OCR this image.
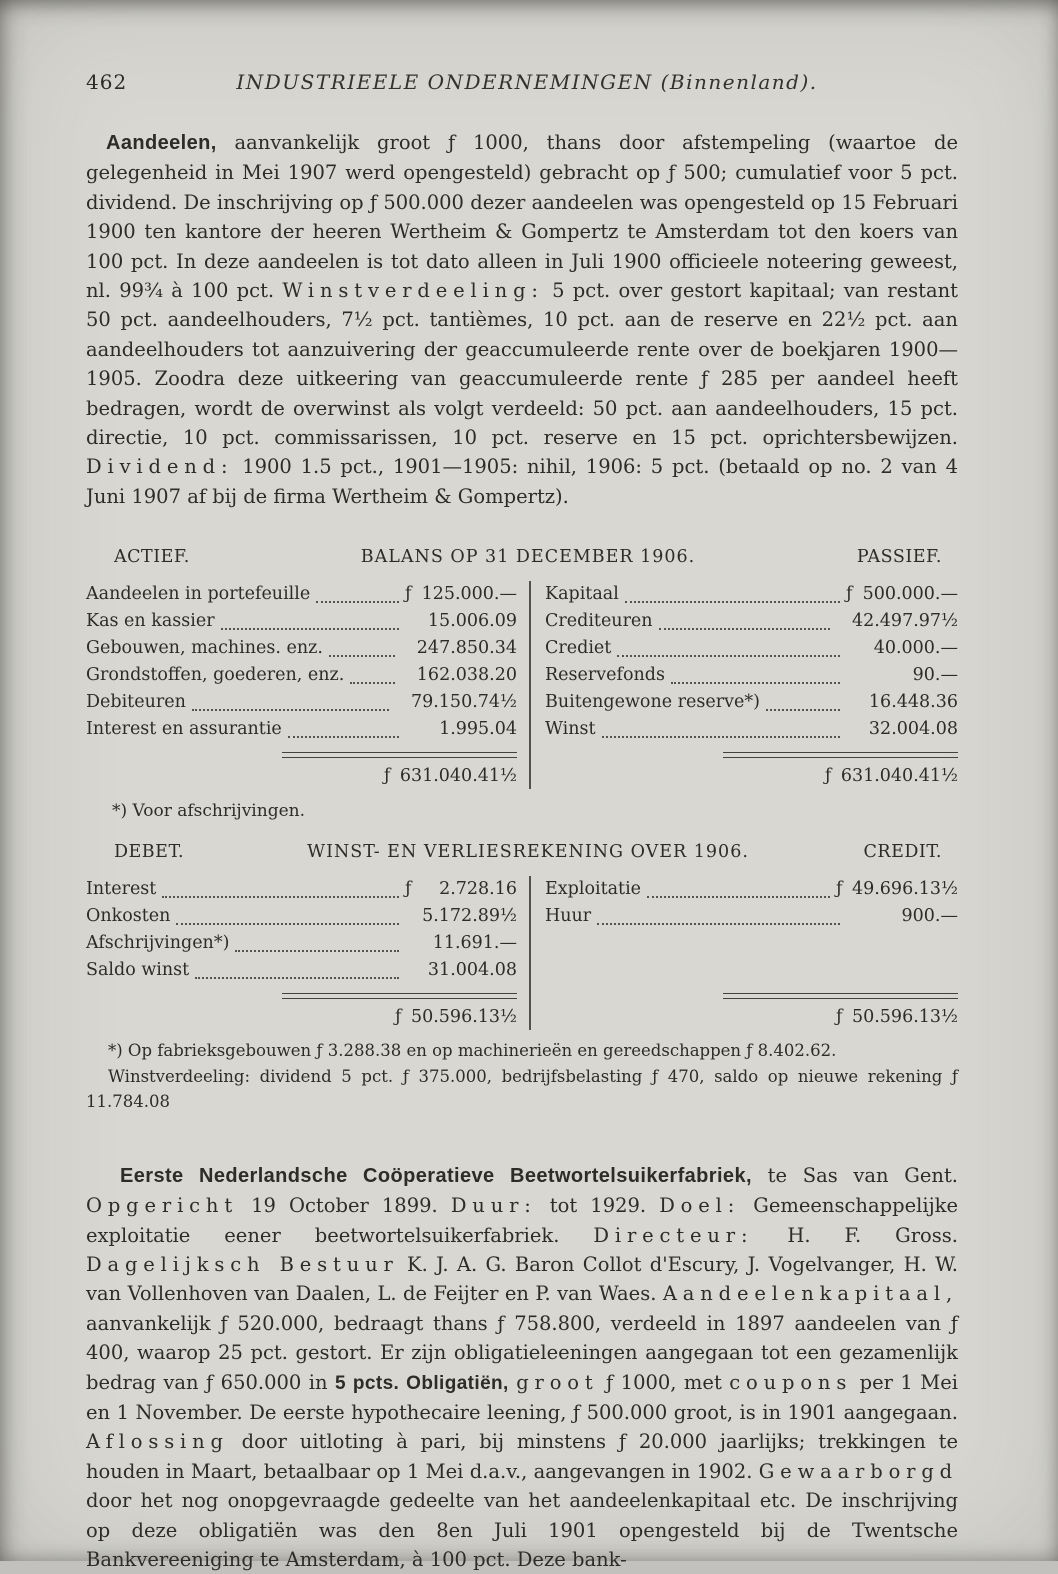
462	INDUSTRIEELE ONDERNEMINGEN (Binnenland).

Aandeelen, aanvankelijk groot ƒ 1000, thans door afstempeling (waartoe de gelegenheid in Mei 1907 werd opengesteld) gebracht op ƒ 500; cumulatief voor 5 pct. dividend. De inschrijving op ƒ 500.000 dezer aandeelen was opengesteld op 15 Februari 1900 ten kantore der heeren Wertheim & Gompertz te Amsterdam tot den koers van 100 pct. In deze aandeelen is tot dato alleen in Juli 1900 officieele noteering geweest, nl. 99¾ à 100 pct. Winstverdeeling: 5 pct. over gestort kapitaal; van restant 50 pct. aandeelhouders, 7½ pct. tantièmes, 10 pct. aan de reserve en 22½ pct. aan aandeelhouders tot aanzuivering der geaccumuleerde rente over de boekjaren 1900—1905. Zoodra deze uitkeering van geaccumuleerde rente ƒ 285 per aandeel heeft bedragen, wordt de overwinst als volgt verdeeld: 50 pct. aan aandeelhouders, 15 pct. directie, 10 pct. commissarissen, 10 pct. reserve en 15 pct. oprichtersbewijzen. Dividend: 1900 1.5 pct., 1901—1905: nihil, 1906: 5 pct. (betaald op no. 2 van 4 Juni 1907 af bij de firma Wertheim & Gompertz).

ACTIEF.	BALANS OP 31 DECEMBER 1906.	PASSIEF.
Aandeelen in portefeuille	ƒ 125.000.—
Kas en kassier	15.006.09
Gebouwen, machines. enz.	247.850.34
Grondstoffen, goederen, enz.	162.038.20
Debiteuren	79.150.74½
Interest en assurantie	1.995.04
ƒ 631.040.41½
Kapitaal	ƒ 500.000.—
Crediteuren	42.497.97½
Crediet	40.000.—
Reservefonds	90.—
Buitengewone reserve*)	16.448.36
Winst	32.004.08
ƒ 631.040.41½

*) Voor afschrijvingen.

DEBET.	WINST- EN VERLIESREKENING OVER 1906.	CREDIT.
Interest	ƒ	2.728.16
Onkosten	5.172.89½
Afschrijvingen*)	11.691.—
Saldo winst	31.004.08
ƒ 50.596.13½
Exploitatie	ƒ 49.696.13½
Huur	900.—

ƒ 50.596.13½

*) Op fabrieksgebouwen ƒ 3.288.38 en op machinerieën en gereedschappen ƒ 8.402.62.

Winstverdeeling: dividend 5 pct. ƒ 375.000, bedrijfsbelasting ƒ 470, saldo op nieuwe rekening ƒ 11.784.08

Eerste Nederlandsche Coöperatieve Beetwortelsuikerfabriek, te Sas van Gent. Opgericht 19 October 1899. Duur: tot 1929. Doel: Gemeenschappelijke exploitatie eener beetwortelsuikerfabriek. Directeur: H. F. Gross. Dagelijksch Bestuur K. J. A. G. Baron Collot d'Escury, J. Vogelvanger, H. W. van Vollenhoven van Daalen, L. de Feijter en P. van Waes. Aandeelenkapitaal, aanvankelijk ƒ 520.000, bedraagt thans ƒ 758.800, verdeeld in 1897 aandeelen van ƒ 400, waarop 25 pct. gestort. Er zijn obligatieleeningen aangegaan tot een gezamenlijk bedrag van ƒ 650.000 in 5 pcts. Obligatiën, groot ƒ 1000, met coupons per 1 Mei en 1 November. De eerste hypothecaire leening, ƒ 500.000 groot, is in 1901 aangegaan. Aflossing door uitloting à pari, bij minstens ƒ 20.000 jaarlijks; trekkingen te houden in Maart, betaalbaar op 1 Mei d.a.v., aangevangen in 1902. Gewaarborgd door het nog onopgevraagde gedeelte van het aandeelenkapitaal etc. De inschrijving op deze obligatiën was den 8en Juli 1901 opengesteld bij de Twentsche Bankvereeniging te Amsterdam, à 100 pct. Deze bank-
